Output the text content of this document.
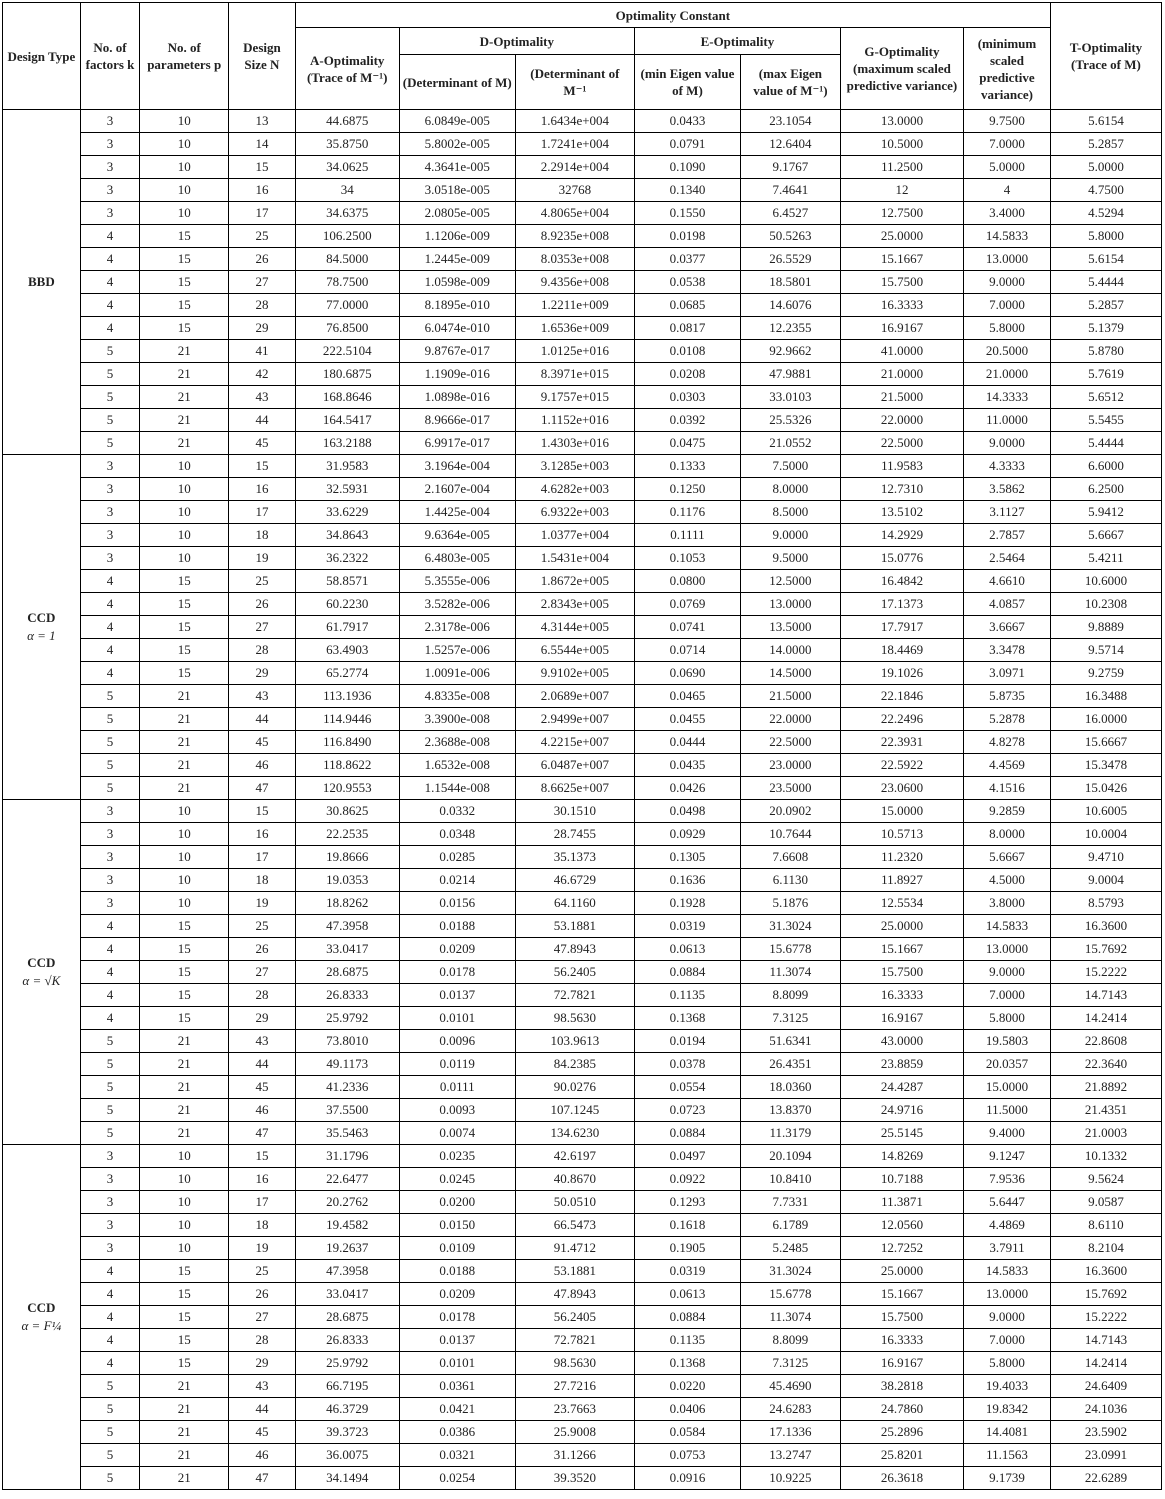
Design Type	No. of factors k	No. of parameters p	Design Size N	Optimality Constant							T-Optimality (Trace of M)
				A-Optimality (Trace of M⁻¹)	D-Optimality		E-Optimality		G-Optimality (maximum scaled predictive variance)	(minimum scaled predictive variance)	
					(Determinant of M)	(Determinant of M⁻¹	(min Eigen value of M)	(max Eigen value of M⁻¹)			

BBD	3	10	13	44.6875	6.0849e-005	1.6434e+004	0.0433	23.1054	13.0000	9.7500	5.6154
	3	10	14	35.8750	5.8002e-005	1.7241e+004	0.0791	12.6404	10.5000	7.0000	5.2857
	3	10	15	34.0625	4.3641e-005	2.2914e+004	0.1090	9.1767	11.2500	5.0000	5.0000
	3	10	16	34	3.0518e-005	32768	0.1340	7.4641	12	4	4.7500
	3	10	17	34.6375	2.0805e-005	4.8065e+004	0.1550	6.4527	12.7500	3.4000	4.5294
	4	15	25	106.2500	1.1206e-009	8.9235e+008	0.0198	50.5263	25.0000	14.5833	5.8000
	4	15	26	84.5000	1.2445e-009	8.0353e+008	0.0377	26.5529	15.1667	13.0000	5.6154
	4	15	27	78.7500	1.0598e-009	9.4356e+008	0.0538	18.5801	15.7500	9.0000	5.4444
	4	15	28	77.0000	8.1895e-010	1.2211e+009	0.0685	14.6076	16.3333	7.0000	5.2857
	4	15	29	76.8500	6.0474e-010	1.6536e+009	0.0817	12.2355	16.9167	5.8000	5.1379
	5	21	41	222.5104	9.8767e-017	1.0125e+016	0.0108	92.9662	41.0000	20.5000	5.8780
	5	21	42	180.6875	1.1909e-016	8.3971e+015	0.0208	47.9881	21.0000	21.0000	5.7619
	5	21	43	168.8646	1.0898e-016	9.1757e+015	0.0303	33.0103	21.5000	14.3333	5.6512
	5	21	44	164.5417	8.9666e-017	1.1152e+016	0.0392	25.5326	22.0000	11.0000	5.5455
	5	21	45	163.2188	6.9917e-017	1.4303e+016	0.0475	21.0552	22.5000	9.0000	5.4444

CCD
α = 1	3	10	15	31.9583	3.1964e-004	3.1285e+003	0.1333	7.5000	11.9583	4.3333	6.6000
	3	10	16	32.5931	2.1607e-004	4.6282e+003	0.1250	8.0000	12.7310	3.5862	6.2500
	3	10	17	33.6229	1.4425e-004	6.9322e+003	0.1176	8.5000	13.5102	3.1127	5.9412
	3	10	18	34.8643	9.6364e-005	1.0377e+004	0.1111	9.0000	14.2929	2.7857	5.6667
	3	10	19	36.2322	6.4803e-005	1.5431e+004	0.1053	9.5000	15.0776	2.5464	5.4211
	4	15	25	58.8571	5.3555e-006	1.8672e+005	0.0800	12.5000	16.4842	4.6610	10.6000
	4	15	26	60.2230	3.5282e-006	2.8343e+005	0.0769	13.0000	17.1373	4.0857	10.2308
	4	15	27	61.7917	2.3178e-006	4.3144e+005	0.0741	13.5000	17.7917	3.6667	9.8889
	4	15	28	63.4903	1.5257e-006	6.5544e+005	0.0714	14.0000	18.4469	3.3478	9.5714
	4	15	29	65.2774	1.0091e-006	9.9102e+005	0.0690	14.5000	19.1026	3.0971	9.2759
	5	21	43	113.1936	4.8335e-008	2.0689e+007	0.0465	21.5000	22.1846	5.8735	16.3488
	5	21	44	114.9446	3.3900e-008	2.9499e+007	0.0455	22.0000	22.2496	5.2878	16.0000
	5	21	45	116.8490	2.3688e-008	4.2215e+007	0.0444	22.5000	22.3931	4.8278	15.6667
	5	21	46	118.8622	1.6532e-008	6.0487e+007	0.0435	23.0000	22.5922	4.4569	15.3478
	5	21	47	120.9553	1.1544e-008	8.6625e+007	0.0426	23.5000	23.0600	4.1516	15.0426

CCD
α = √K	3	10	15	30.8625	0.0332	30.1510	0.0498	20.0902	15.0000	9.2859	10.6005
	3	10	16	22.2535	0.0348	28.7455	0.0929	10.7644	10.5713	8.0000	10.0004
	3	10	17	19.8666	0.0285	35.1373	0.1305	7.6608	11.2320	5.6667	9.4710
	3	10	18	19.0353	0.0214	46.6729	0.1636	6.1130	11.8927	4.5000	9.0004
	3	10	19	18.8262	0.0156	64.1160	0.1928	5.1876	12.5534	3.8000	8.5793
	4	15	25	47.3958	0.0188	53.1881	0.0319	31.3024	25.0000	14.5833	16.3600
	4	15	26	33.0417	0.0209	47.8943	0.0613	15.6778	15.1667	13.0000	15.7692
	4	15	27	28.6875	0.0178	56.2405	0.0884	11.3074	15.7500	9.0000	15.2222
	4	15	28	26.8333	0.0137	72.7821	0.1135	8.8099	16.3333	7.0000	14.7143
	4	15	29	25.9792	0.0101	98.5630	0.1368	7.3125	16.9167	5.8000	14.2414
	5	21	43	73.8010	0.0096	103.9613	0.0194	51.6341	43.0000	19.5803	22.8608
	5	21	44	49.1173	0.0119	84.2385	0.0378	26.4351	23.8859	20.0357	22.3640
	5	21	45	41.2336	0.0111	90.0276	0.0554	18.0360	24.4287	15.0000	21.8892
	5	21	46	37.5500	0.0093	107.1245	0.0723	13.8370	24.9716	11.5000	21.4351
	5	21	47	35.5463	0.0074	134.6230	0.0884	11.3179	25.5145	9.4000	21.0003

CCD
α = F¼	3	10	15	31.1796	0.0235	42.6197	0.0497	20.1094	14.8269	9.1247	10.1332
	3	10	16	22.6477	0.0245	40.8670	0.0922	10.8410	10.7188	7.9536	9.5624
	3	10	17	20.2762	0.0200	50.0510	0.1293	7.7331	11.3871	5.6447	9.0587
	3	10	18	19.4582	0.0150	66.5473	0.1618	6.1789	12.0560	4.4869	8.6110
	3	10	19	19.2637	0.0109	91.4712	0.1905	5.2485	12.7252	3.7911	8.2104
	4	15	25	47.3958	0.0188	53.1881	0.0319	31.3024	25.0000	14.5833	16.3600
	4	15	26	33.0417	0.0209	47.8943	0.0613	15.6778	15.1667	13.0000	15.7692
	4	15	27	28.6875	0.0178	56.2405	0.0884	11.3074	15.7500	9.0000	15.2222
	4	15	28	26.8333	0.0137	72.7821	0.1135	8.8099	16.3333	7.0000	14.7143
	4	15	29	25.9792	0.0101	98.5630	0.1368	7.3125	16.9167	5.8000	14.2414
	5	21	43	66.7195	0.0361	27.7216	0.0220	45.4690	38.2818	19.4033	24.6409
	5	21	44	46.3729	0.0421	23.7663	0.0406	24.6283	24.7860	19.8342	24.1036
	5	21	45	39.3723	0.0386	25.9008	0.0584	17.1336	25.2896	14.4081	23.5902
	5	21	46	36.0075	0.0321	31.1266	0.0753	13.2747	25.8201	11.1563	23.0991
	5	21	47	34.1494	0.0254	39.3520	0.0916	10.9225	26.3618	9.1739	22.6289
